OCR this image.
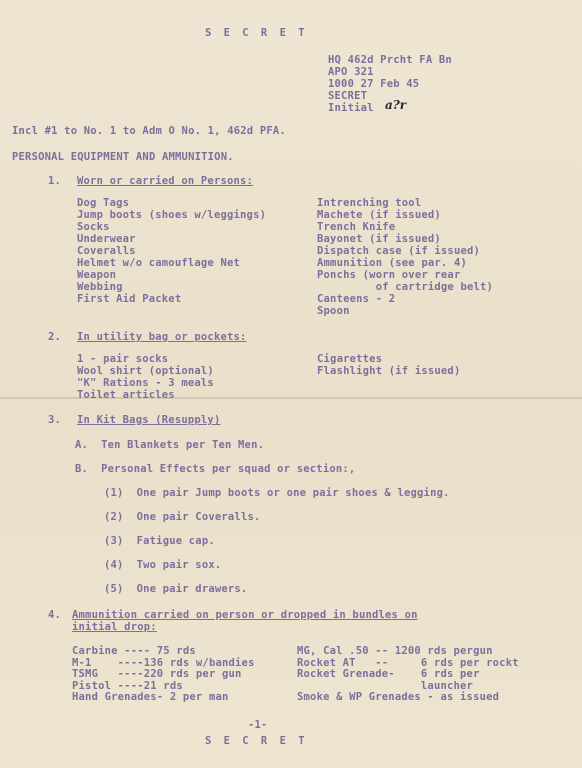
S E C R E T
HQ 462d Prcht FA Bn
APO 321
1000 27 Feb 45
SECRET
Initial a?r
Incl #1 to No. 1 to Adm O No. 1, 462d PFA.
PERSONAL EQUIPMENT AND AMMUNITION.
1. Worn or carried on Persons:
Dog Tags
Jump boots (shoes w/leggings)
Socks
Underwear
Coveralls
Helmet w/o camouflage Net
Weapon
Webbing
First Aid Packet
Intrenching tool
Machete (if issued)
Trench Knife
Bayonet (if issued)
Dispatch case (if issued)
Ammunition (see par. 4)
Ponchs (worn over rear
of cartridge belt)
Canteens - 2
Spoon
2. In utility bag or pockets:
1 - pair socks
Wool shirt (optional)
"K" Rations - 3 meals
Toilet articles
Cigarettes
Flashlight (if issued)
3. In Kit Bags (Resupply)
A.  Ten Blankets per Ten Men.
B.  Personal Effects per squad or section:,
(1)  One pair Jump boots or one pair shoes & legging.
(2)  One pair Coveralls.
(3)  Fatigue cap.
(4)  Two pair sox.
(5)  One pair drawers.
4. Ammunition carried on person or dropped in bundles on
initial drop:
Carbine ---- 75 rds
M-1    ----136 rds w/bandies
TSMG   ----220 rds per gun
Pistol ----21 rds
Hand Grenades- 2 per man
MG, Cal .50 -- 1200 rds pergun
Rocket AT   --     6 rds per rockt
Rocket Grenade-    6 rds per
launcher
Smoke & WP Grenades - as issued
-1-
S E C R E T
